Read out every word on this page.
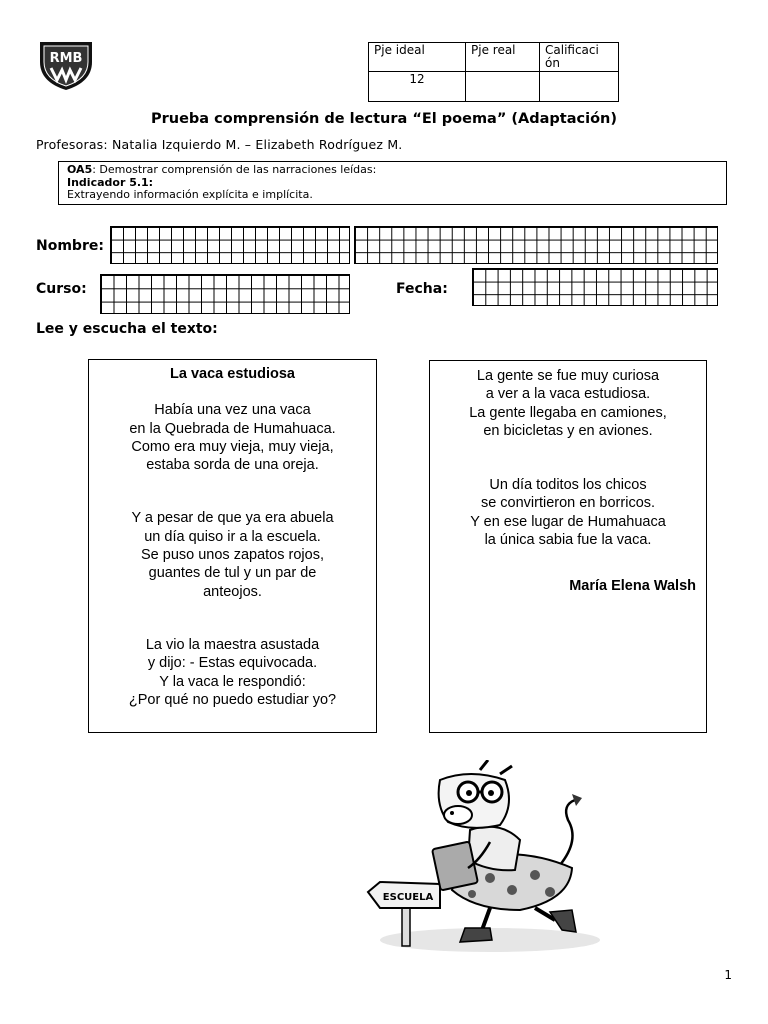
RMB
Pje ideal	Pje real	Calificaci ón
12		
Prueba comprensión de lectura “El poema” (Adaptación)
Profesoras: Natalia Izquierdo M. – Elizabeth Rodríguez M.
OA5: Demostrar comprensión de las narraciones leídas:
Indicador 5.1:
Extrayendo información explícita e implícita.
Nombre:
Curso:	Fecha:
Lee y escucha el texto:
La vaca estudiosa
Había una vez una vaca
en la Quebrada de Humahuaca.
Como era muy vieja, muy vieja,
estaba sorda de una oreja.
Y a pesar de que ya era abuela
un día quiso ir a la escuela.
Se puso unos zapatos rojos,
guantes de tul y un par de
anteojos.
La vio la maestra asustada
y dijo: - Estas equivocada.
Y la vaca le respondió:
¿Por qué no puedo estudiar yo?
La gente se fue muy curiosa
a ver a la vaca estudiosa.
La gente llegaba en camiones,
en bicicletas y en aviones.
Un día toditos los chicos
se convirtieron en borricos.
Y en ese lugar de Humahuaca
la única sabia fue la vaca.
María Elena Walsh
ESCUELA
1
